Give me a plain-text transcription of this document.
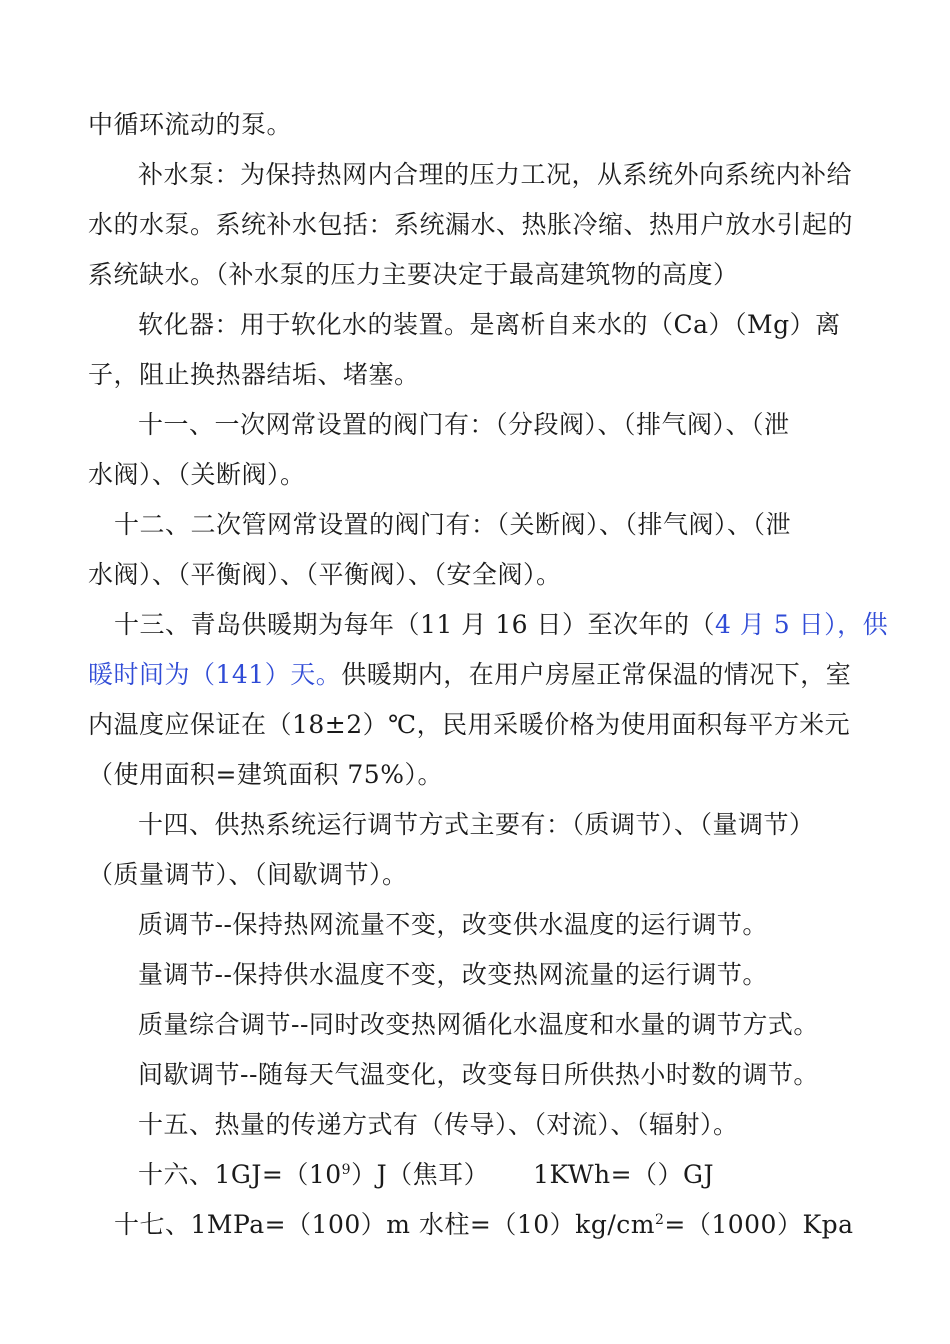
中循环流动的泵。
补水泵：为保持热网内合理的压力工况，从系统外向系统内补给
水的水泵。系统补水包括：系统漏水、热胀冷缩、热用户放水引起的
系统缺水。（补水泵的压力主要决定于最高建筑物的高度）
软化器：用于软化水的装置。是离析自来水的（Ca）（Mg）离
子，阻止换热器结垢、堵塞。
十一、一次网常设置的阀门有：（分段阀）、（排气阀）、（泄
水阀）、（关断阀）。
十二、二次管网常设置的阀门有：（关断阀）、（排气阀）、（泄
水阀）、（平衡阀）、（平衡阀）、（安全阀）。
十三、青岛供暖期为每年（11 月 16 日）至次年的（4 月 5 日），供
暖时间为（141）天。供暖期内，在用户房屋正常保温的情况下，室
内温度应保证在（18±2）℃，民用采暖价格为使用面积每平方米元
（使用面积=建筑面积 75%）。
十四、供热系统运行调节方式主要有：（质调节）、（量调节）
（质量调节）、（间歇调节）。
质调节--保持热网流量不变，改变供水温度的运行调节。
量调节--保持供水温度不变，改变热网流量的运行调节。
质量综合调节--同时改变热网循化水温度和水量的调节方式。
间歇调节--随每天气温变化，改变每日所供热小时数的调节。
十五、热量的传递方式有（传导）、（对流）、（辐射）。
十六、$1GJ=(10^9)J$（焦耳） 1KWh=（）GJ
十七、1MPa=（100）m 水柱$=(10)kg/cm^2=(1000)Kpa$
